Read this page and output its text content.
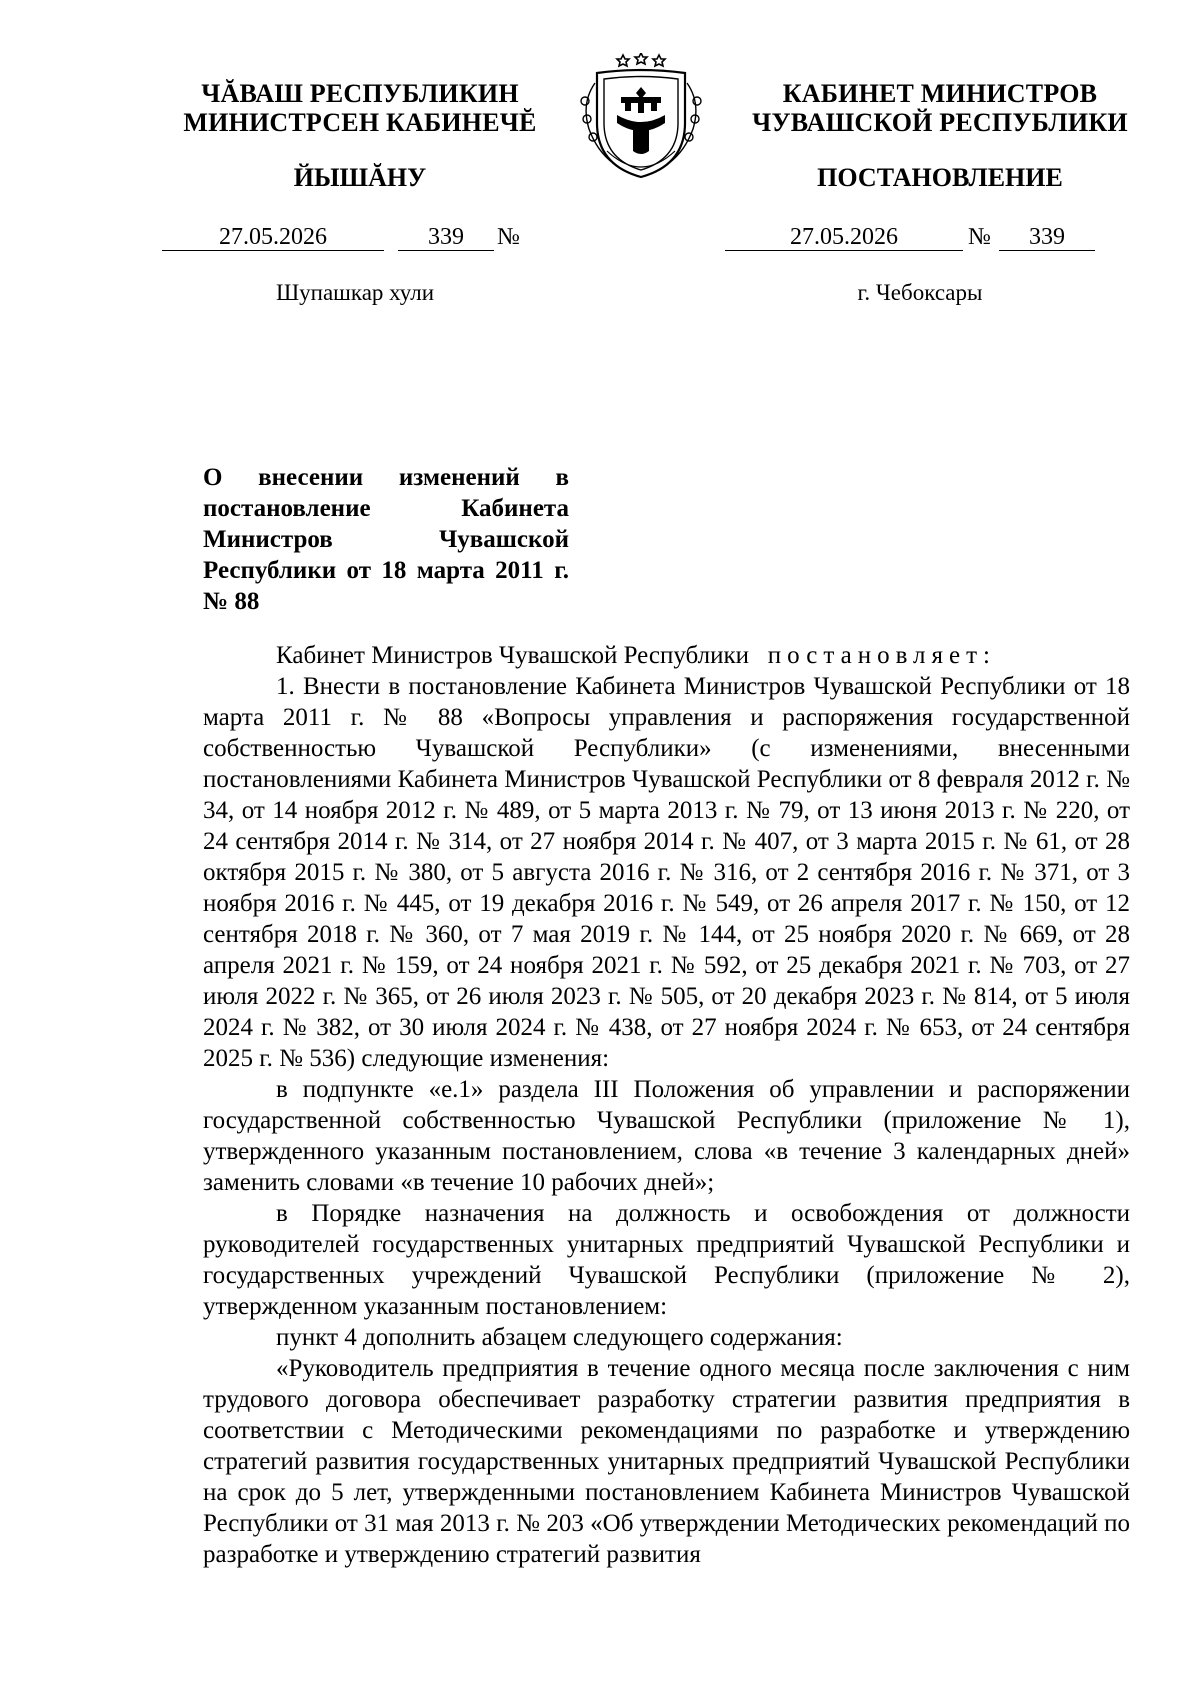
ЧĂВАШ РЕСПУБЛИКИН
МИНИСТРСЕН КАБИНЕЧĔ
КАБИНЕТ МИНИСТРОВ
ЧУВАШСКОЙ РЕСПУБЛИКИ
ЙЫШĂНУ	ПОСТАНОВЛЕНИЕ
27.05.2026	339	№	27.05.2026	№	339
Шупашкар хули	г. Чебоксары
О внесении изменений в постановление Кабинета Министров Чувашской Республики от 18 марта 2011 г. № 88

Кабинет Министров Чувашской Республики постановляет:

1. Внести в постановление Кабинета Министров Чувашской Республики от 18 марта 2011 г. № 88 «Вопросы управления и распоряжения государственной собственностью Чувашской Республики» (с изменениями, внесенными постановлениями Кабинета Министров Чувашской Республики от 8 февраля 2012 г. № 34, от 14 ноября 2012 г. № 489, от 5 марта 2013 г. № 79, от 13 июня 2013 г. № 220, от 24 сентября 2014 г. № 314, от 27 ноября 2014 г. № 407, от 3 марта 2015 г. № 61, от 28 октября 2015 г. № 380, от 5 августа 2016 г. № 316, от 2 сентября 2016 г. № 371, от 3 ноября 2016 г. № 445, от 19 декабря 2016 г. № 549, от 26 апреля 2017 г. № 150, от 12 сентября 2018 г. № 360, от 7 мая 2019 г. № 144, от 25 ноября 2020 г. № 669, от 28 апреля 2021 г. № 159, от 24 ноября 2021 г. № 592, от 25 декабря 2021 г. № 703, от 27 июля 2022 г. № 365, от 26 июля 2023 г. № 505, от 20 декабря 2023 г. № 814, от 5 июля 2024 г. № 382, от 30 июля 2024 г. № 438, от 27 ноября 2024 г. № 653, от 24 сентября 2025 г. № 536) следующие изменения:

в подпункте «е.1» раздела III Положения об управлении и распоряжении государственной собственностью Чувашской Республики (приложение № 1), утвержденного указанным постановлением, слова «в течение 3 календарных дней» заменить словами «в течение 10 рабочих дней»;

в Порядке назначения на должность и освобождения от должности руководителей государственных унитарных предприятий Чувашской Республики и государственных учреждений Чувашской Республики (приложение № 2), утвержденном указанным постановлением:

пункт 4 дополнить абзацем следующего содержания:

«Руководитель предприятия в течение одного месяца после заключения с ним трудового договора обеспечивает разработку стратегии развития предприятия в соответствии с Методическими рекомендациями по разработке и утверждению стратегий развития государственных унитарных предприятий Чувашской Республики на срок до 5 лет, утвержденными постановлением Кабинета Министров Чувашской Республики от 31 мая 2013 г. № 203 «Об утверждении Методических рекомендаций по разработке и утверждению стратегий развития
